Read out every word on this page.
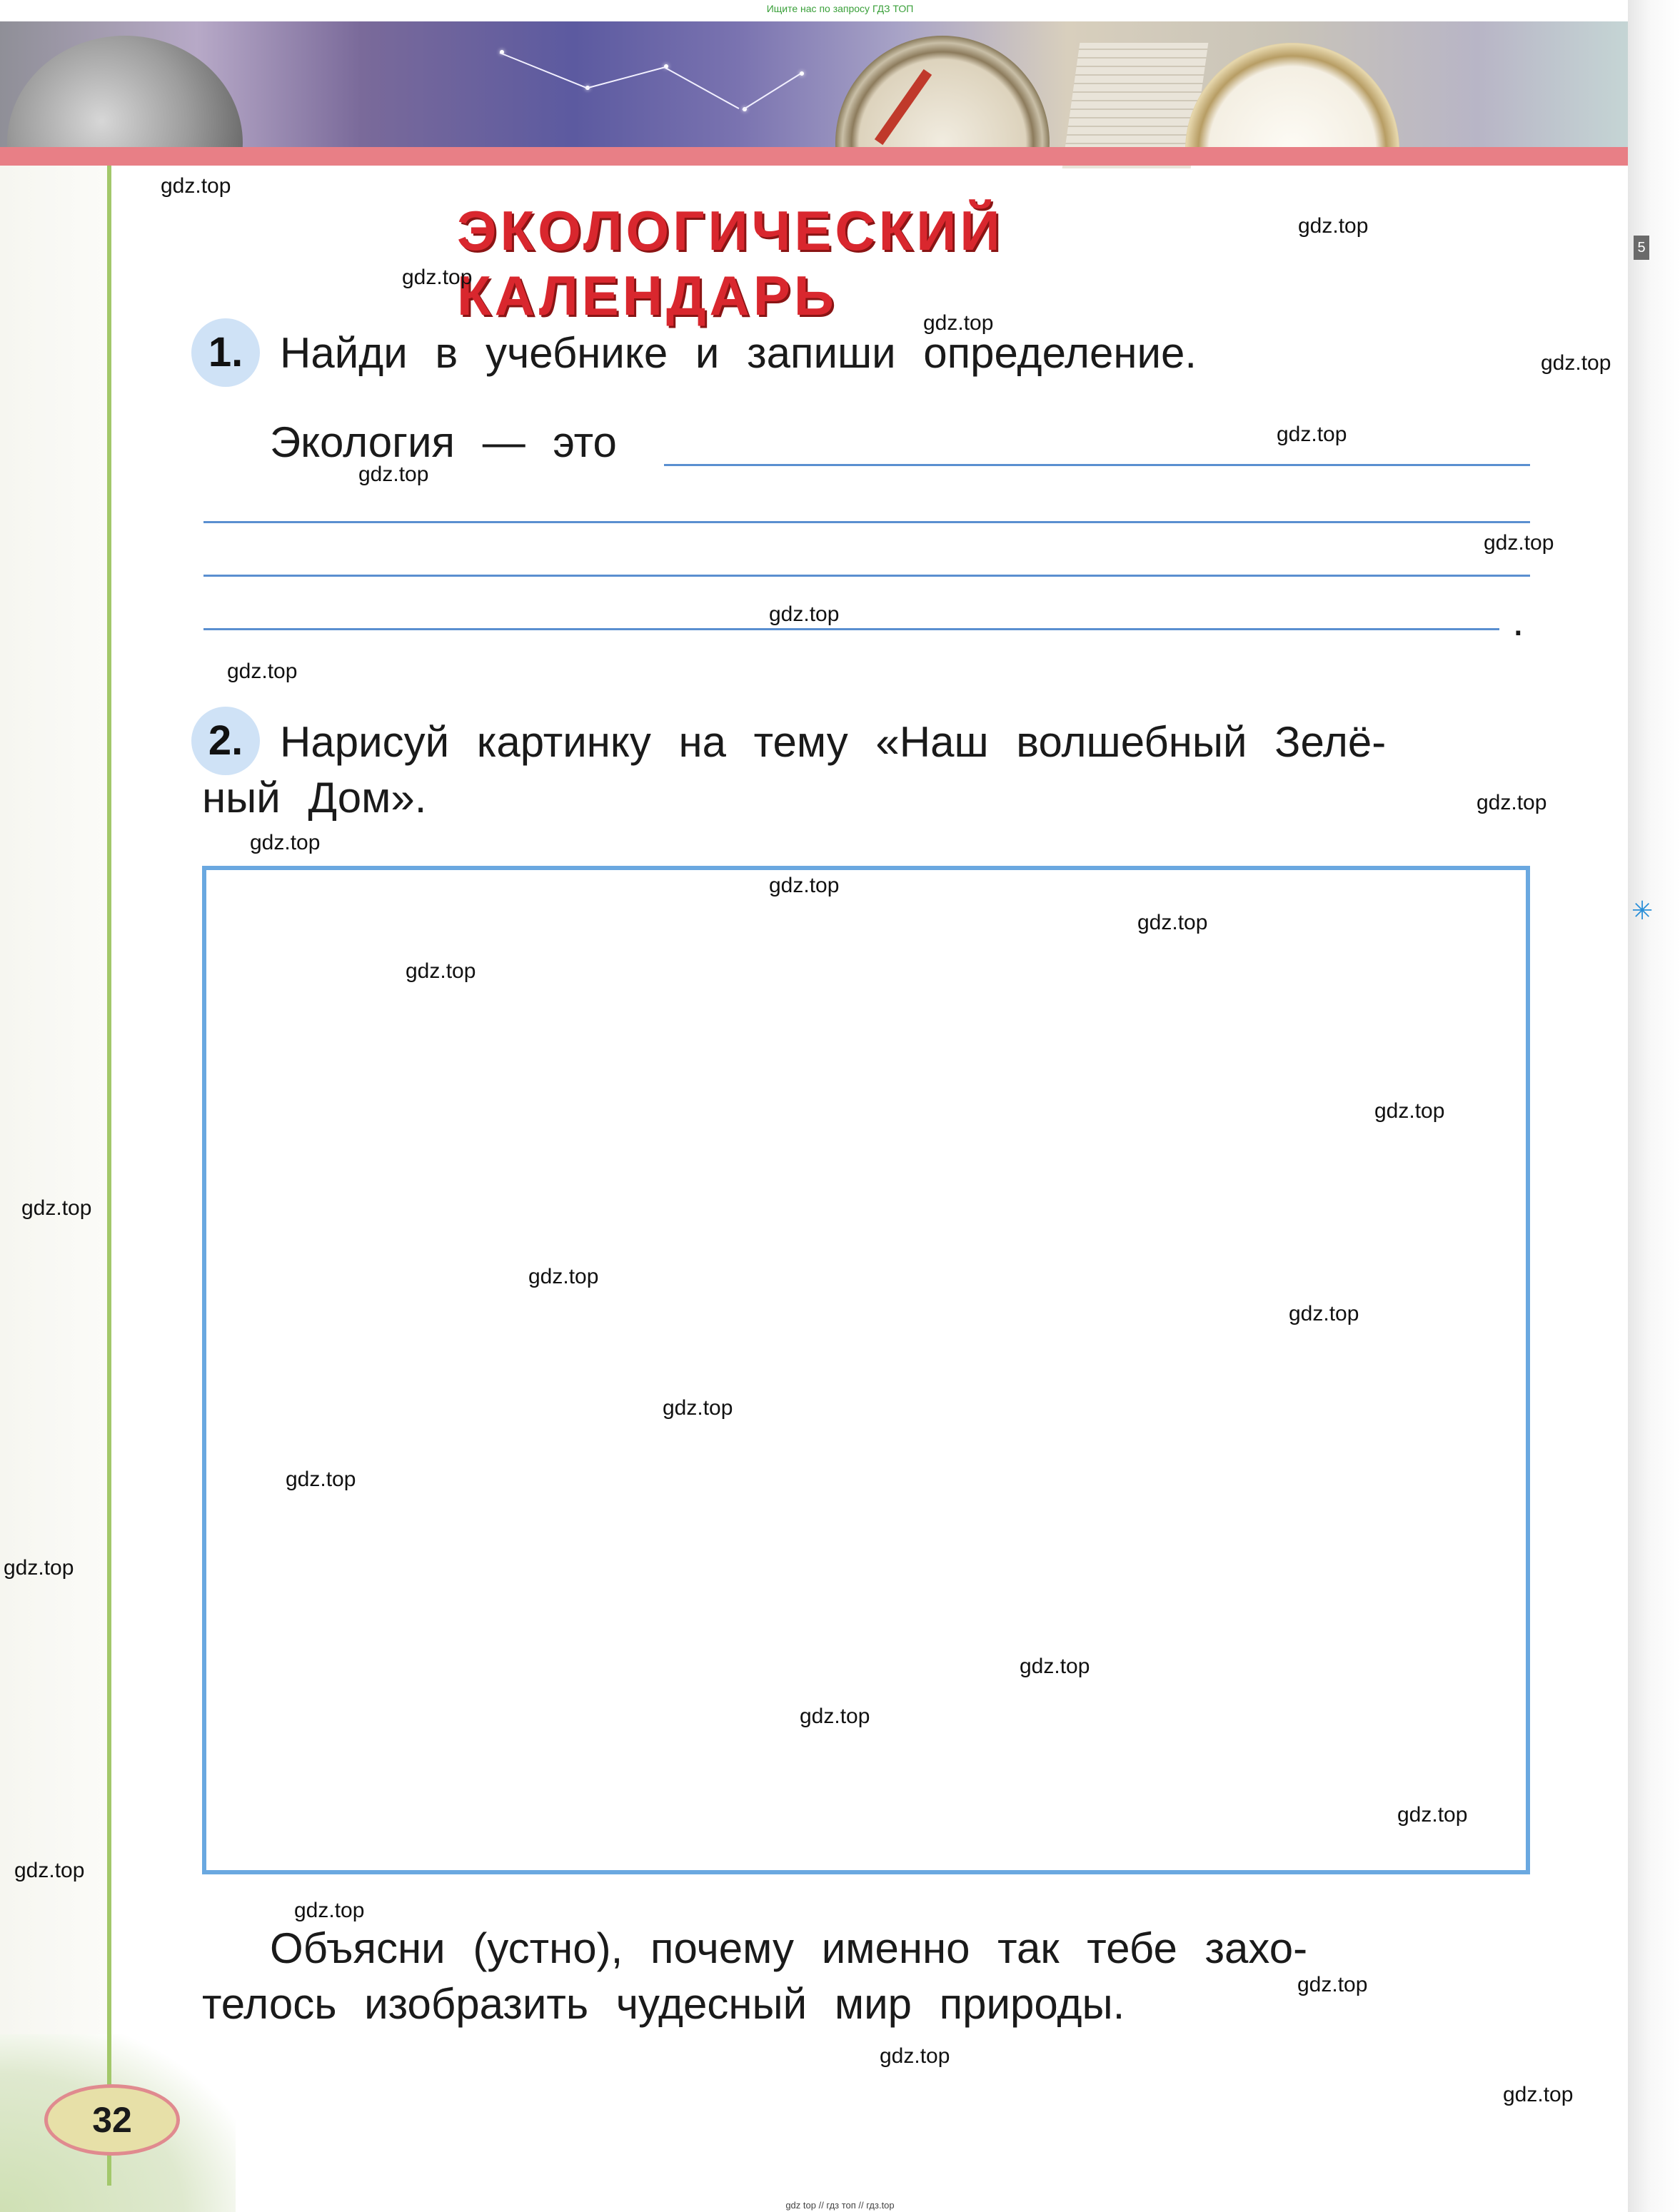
Ищите нас по запросу ГДЗ ТОП
5
✳
ЭКОЛОГИЧЕСКИЙ КАЛЕНДАРЬ
1. Найди в учебнике и запиши определение.
Экология — это
.
2. Нарисуй картинку на тему «Наш волшебный Зелё-
ный Дом».
Объясни (устно), почему именно так тебе захо-
телось изобразить чудесный мир природы.
32
gdz.top
gdz.top
gdz.top
gdz.top
gdz.top
gdz.top
gdz.top
gdz.top
gdz.top
gdz.top
gdz.top
gdz.top
gdz.top
gdz.top
gdz.top
gdz.top
gdz.top
gdz.top
gdz.top
gdz.top
gdz.top
gdz.top
gdz.top
gdz.top
gdz.top
gdz.top
gdz.top
gdz.top
gdz.top
gdz.top
gdz top // гдз топ // гдз.top
